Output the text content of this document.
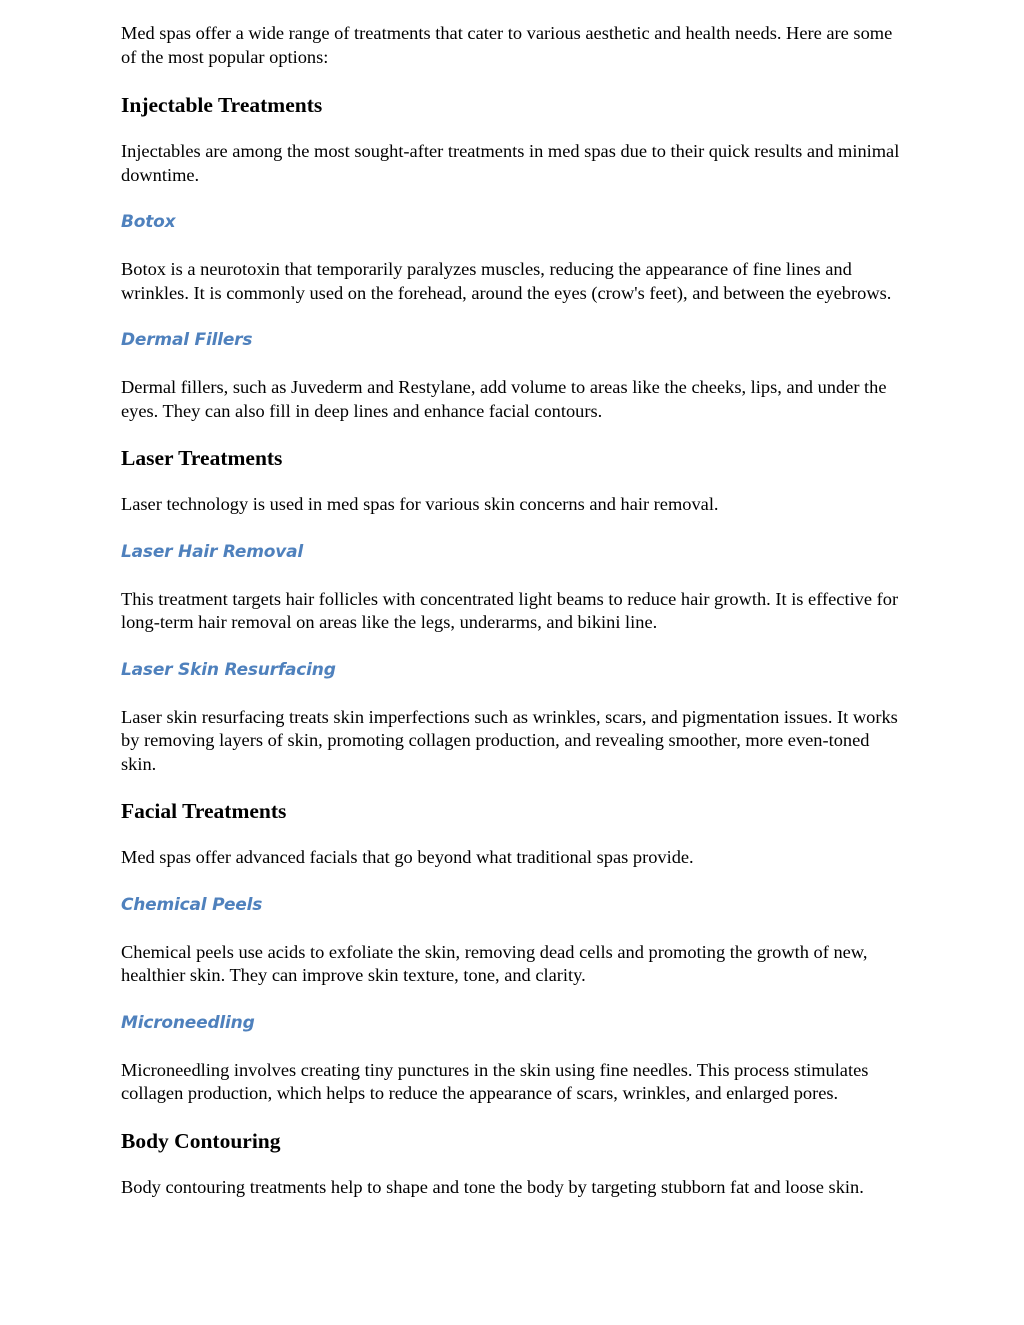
Med spas offer a wide range of treatments that cater to various aesthetic and health needs. Here are some of the most popular options:

Injectable Treatments

Injectables are among the most sought-after treatments in med spas due to their quick results and minimal downtime.

Botox

Botox is a neurotoxin that temporarily paralyzes muscles, reducing the appearance of fine lines and wrinkles. It is commonly used on the forehead, around the eyes (crow's feet), and between the eyebrows.

Dermal Fillers

Dermal fillers, such as Juvederm and Restylane, add volume to areas like the cheeks, lips, and under the eyes. They can also fill in deep lines and enhance facial contours.

Laser Treatments

Laser technology is used in med spas for various skin concerns and hair removal.

Laser Hair Removal

This treatment targets hair follicles with concentrated light beams to reduce hair growth. It is effective for long-term hair removal on areas like the legs, underarms, and bikini line.

Laser Skin Resurfacing

Laser skin resurfacing treats skin imperfections such as wrinkles, scars, and pigmentation issues. It works by removing layers of skin, promoting collagen production, and revealing smoother, more even-toned skin.

Facial Treatments

Med spas offer advanced facials that go beyond what traditional spas provide.

Chemical Peels

Chemical peels use acids to exfoliate the skin, removing dead cells and promoting the growth of new, healthier skin. They can improve skin texture, tone, and clarity.

Microneedling

Microneedling involves creating tiny punctures in the skin using fine needles. This process stimulates collagen production, which helps to reduce the appearance of scars, wrinkles, and enlarged pores.

Body Contouring

Body contouring treatments help to shape and tone the body by targeting stubborn fat and loose skin.
